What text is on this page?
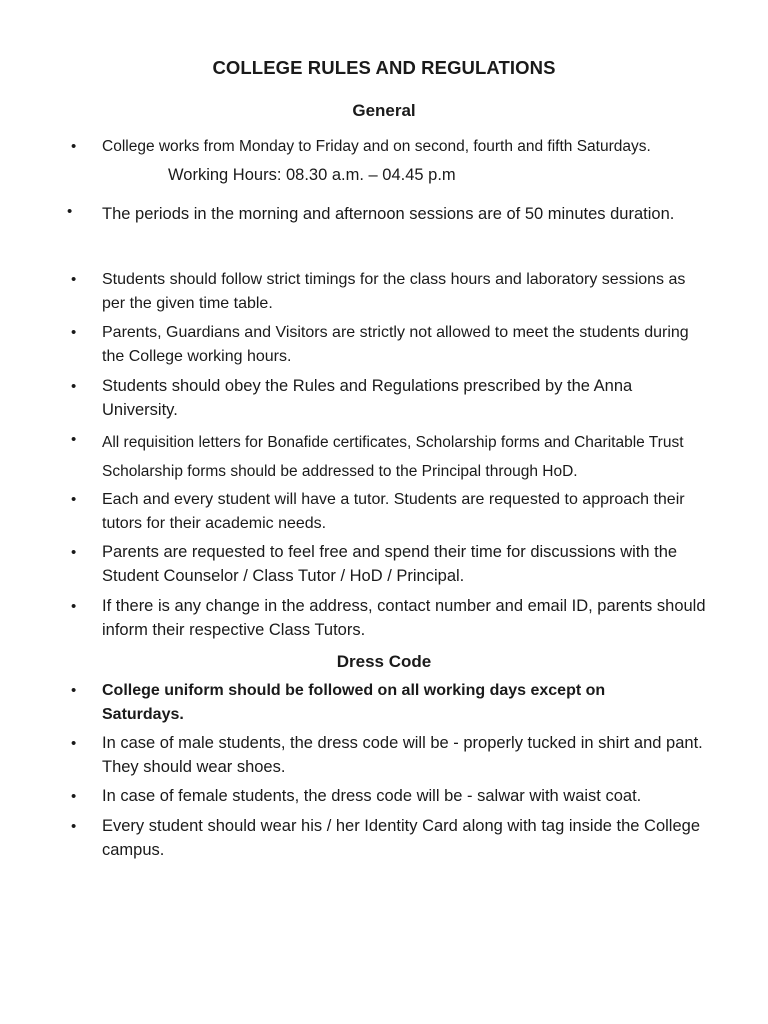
COLLEGE RULES AND REGULATIONS
General
• College works from Monday to Friday and on second, fourth and fifth Saturdays.
Working Hours: 08.30 a.m. – 04.45 p.m
• The periods in the morning and afternoon sessions are of 50 minutes duration.
• Students should follow strict timings for the class hours and laboratory sessions as per the given time table.
• Parents, Guardians and Visitors are strictly not allowed to meet the students during the College working hours.
• Students should obey the Rules and Regulations prescribed by the Anna University.
• All requisition letters for Bonafide certificates, Scholarship forms and Charitable Trust Scholarship forms should be addressed to the Principal through HoD.
• Each and every student will have a tutor. Students are requested to approach their tutors for their academic needs.
• Parents are requested to feel free and spend their time for discussions with the Student Counselor / Class Tutor / HoD / Principal.
• If there is any change in the address, contact number and email ID, parents should inform their respective Class Tutors.
Dress Code
• College uniform should be followed on all working days except on Saturdays.
• In case of male students, the dress code will be - properly tucked in shirt and pant. They should wear shoes.
• In case of female students, the dress code will be - salwar with waist coat.
• Every student should wear his / her Identity Card along with tag inside the College campus.
